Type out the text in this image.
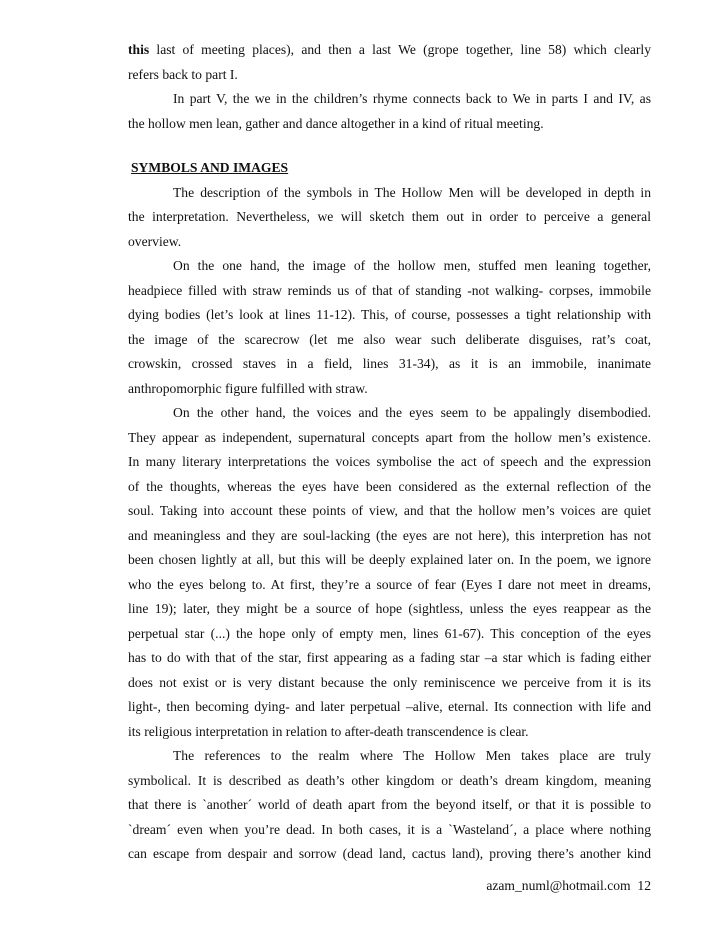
this last of meeting places), and then a last We (grope together, line 58) which clearly
refers back to part I.
In part V, the we in the children’s rhyme connects back to We in parts I and IV, as
the hollow men lean, gather and dance altogether in a kind of ritual meeting.
SYMBOLS AND IMAGES
The description of the symbols in The Hollow Men will be developed in depth in
the interpretation. Nevertheless, we will sketch them out in order to perceive a general
overview.
On the one hand, the image of the hollow men, stuffed men leaning together,
headpiece filled with straw reminds us of that of standing -not walking- corpses, immobile
dying bodies (let’s look at lines 11-12). This, of course, possesses a tight relationship with
the image of the scarecrow (let me also wear such deliberate disguises, rat’s coat,
crowskin, crossed staves in a field, lines 31-34), as it is an immobile, inanimate
anthropomorphic figure fulfilled with straw.
On the other hand, the voices and the eyes seem to be appalingly disembodied.
They appear as independent, supernatural concepts apart from the hollow men’s existence.
In many literary interpretations the voices symbolise the act of speech and the expression
of the thoughts, whereas the eyes have been considered as the external reflection of the
soul. Taking into account these points of view, and that the hollow men’s voices are quiet
and meaningless and they are soul-lacking (the eyes are not here), this interpretion has not
been chosen lightly at all, but this will be deeply explained later on. In the poem, we ignore
who the eyes belong to. At first, they’re a source of fear (Eyes I dare not meet in dreams,
line 19); later, they might be a source of hope (sightless, unless the eyes reappear as the
perpetual star (...) the hope only of empty men, lines 61-67). This conception of the eyes
has to do with that of the star, first appearing as a fading star –a star which is fading either
does not exist or is very distant because the only reminiscence we perceive from it is its
light-, then becoming dying- and later perpetual –alive, eternal. Its connection with life and
its religious interpretation in relation to after-death transcendence is clear.
The references to the realm where The Hollow Men takes place are truly
symbolical. It is described as death’s other kingdom or death’s dream kingdom, meaning
that there is `another´ world of death apart from the beyond itself, or that it is possible to
`dream´ even when you’re dead. In both cases, it is a `Wasteland´, a place where nothing
can escape from despair and sorrow (dead land, cactus land), proving there’s another kind
azam_numl@hotmail.com 12
